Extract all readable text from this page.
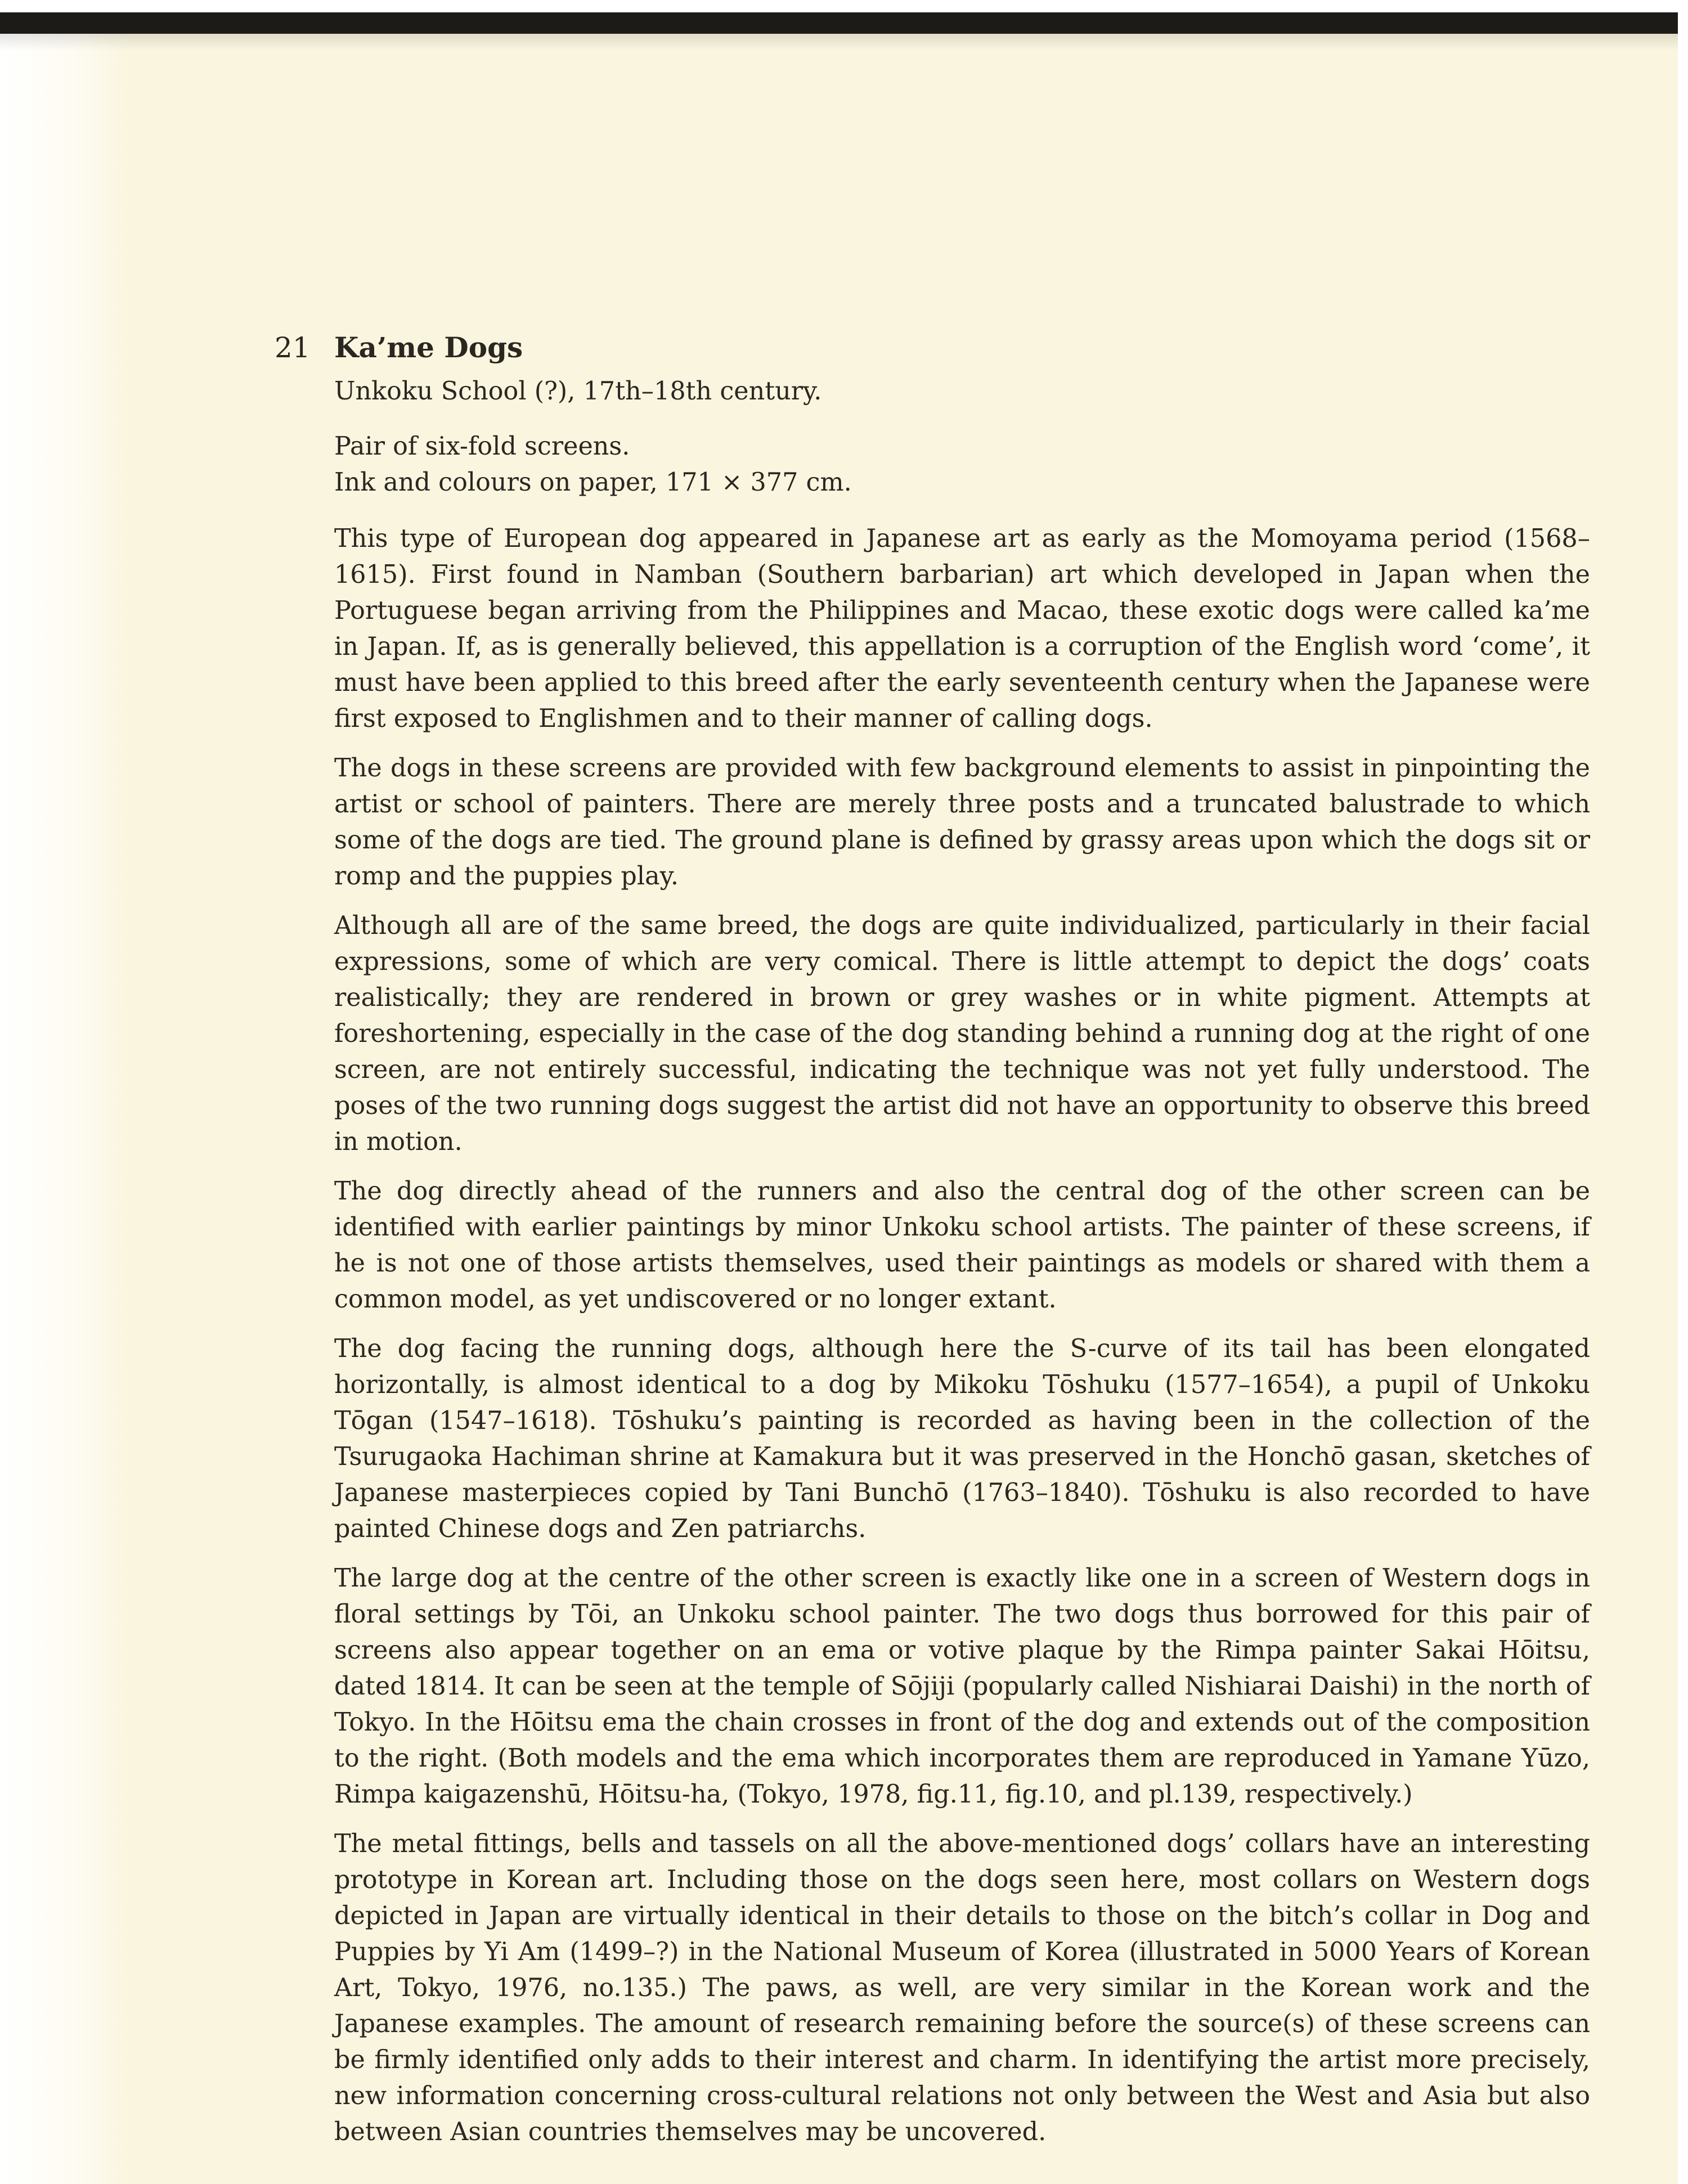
21 Ka’me Dogs

Unkoku School (?), 17th–18th century.

Pair of six-fold screens.

Ink and colours on paper, 171 × 377 cm.

This type of European dog appeared in Japanese art as early as the Momoyama period (1568–1615). First found in Namban (Southern barbarian) art which developed in Japan when the Portuguese began arriving from the Philippines and Macao, these exotic dogs were called ka’me in Japan. If, as is generally believed, this appellation is a corruption of the English word ‘come’, it must have been applied to this breed after the early seventeenth century when the Japanese were first exposed to Englishmen and to their manner of calling dogs.

The dogs in these screens are provided with few background elements to assist in pinpointing the artist or school of painters. There are merely three posts and a truncated balustrade to which some of the dogs are tied. The ground plane is defined by grassy areas upon which the dogs sit or romp and the puppies play.

Although all are of the same breed, the dogs are quite individualized, particularly in their facial expressions, some of which are very comical. There is little attempt to depict the dogs’ coats realistically; they are rendered in brown or grey washes or in white pigment. Attempts at foreshortening, especially in the case of the dog standing behind a running dog at the right of one screen, are not entirely successful, indicating the technique was not yet fully understood. The poses of the two running dogs suggest the artist did not have an opportunity to observe this breed in motion.

The dog directly ahead of the runners and also the central dog of the other screen can be identified with earlier paintings by minor Unkoku school artists. The painter of these screens, if he is not one of those artists themselves, used their paintings as models or shared with them a common model, as yet undiscovered or no longer extant.

The dog facing the running dogs, although here the S-curve of its tail has been elongated horizontally, is almost identical to a dog by Mikoku Tōshuku (1577–1654), a pupil of Unkoku Tōgan (1547–1618). Tōshuku’s painting is recorded as having been in the collection of the Tsurugaoka Hachiman shrine at Kamakura but it was preserved in the Honchō gasan, sketches of Japanese masterpieces copied by Tani Bunchō (1763–1840). Tōshuku is also recorded to have painted Chinese dogs and Zen patriarchs.

The large dog at the centre of the other screen is exactly like one in a screen of Western dogs in floral settings by Tōi, an Unkoku school painter. The two dogs thus borrowed for this pair of screens also appear together on an ema or votive plaque by the Rimpa painter Sakai Hōitsu, dated 1814. It can be seen at the temple of Sōjiji (popularly called Nishiarai Daishi) in the north of Tokyo. In the Hōitsu ema the chain crosses in front of the dog and extends out of the composition to the right. (Both models and the ema which incorporates them are reproduced in Yamane Yūzo, Rimpa kaigazenshū, Hōitsu-ha, (Tokyo, 1978, fig.11, fig.10, and pl.139, respectively.)

The metal fittings, bells and tassels on all the above-mentioned dogs’ collars have an interesting prototype in Korean art. Including those on the dogs seen here, most collars on Western dogs depicted in Japan are virtually identical in their details to those on the bitch’s collar in Dog and Puppies by Yi Am (1499–?) in the National Museum of Korea (illustrated in 5000 Years of Korean Art, Tokyo, 1976, no.135.) The paws, as well, are very similar in the Korean work and the Japanese examples. The amount of research remaining before the source(s) of these screens can be firmly identified only adds to their interest and charm. In identifying the artist more precisely, new information concerning cross-cultural relations not only between the West and Asia but also between Asian countries themselves may be uncovered.
